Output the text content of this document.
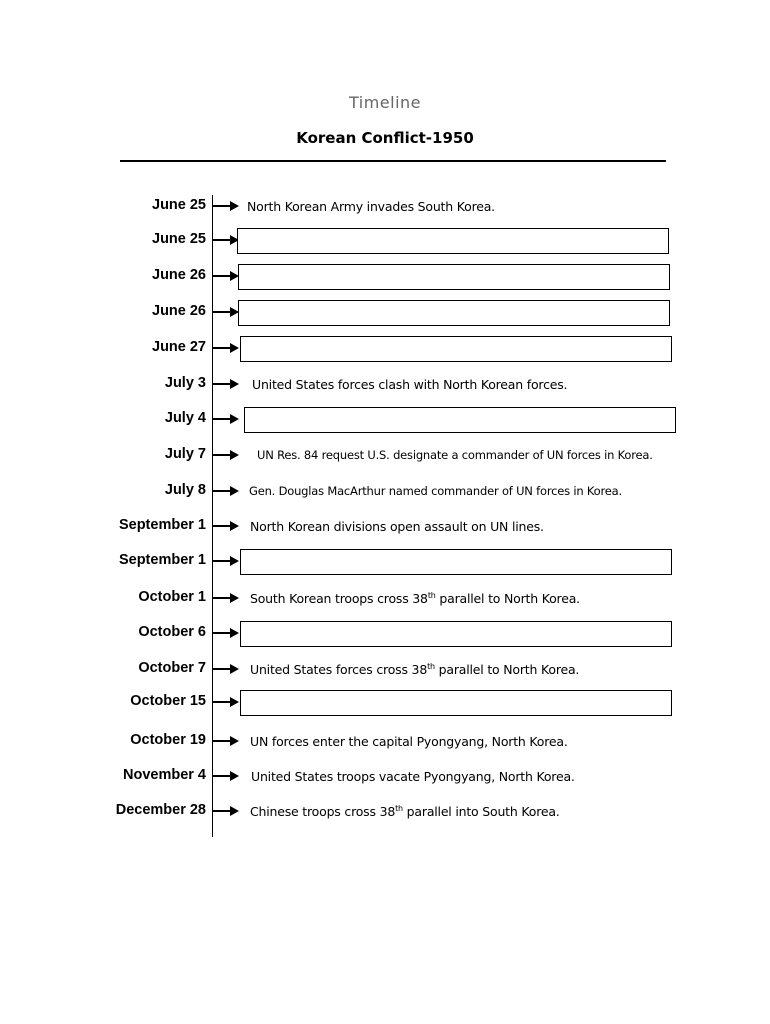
Timeline
Korean Conflict-1950
June 25	North Korean Army invades South Korea.
June 25
June 26
June 26
June 27
July 3	United States forces clash with North Korean forces.
July 4
July 7	UN Res. 84 request U.S. designate a commander of UN forces in Korea.
July 8	Gen. Douglas MacArthur named commander of UN forces in Korea.
September 1	North Korean divisions open assault on UN lines.
September 1
October 1	South Korean troops cross 38th parallel to North Korea.
October 6
October 7	United States forces cross 38th parallel to North Korea.
October 15
October 19	UN forces enter the capital Pyongyang, North Korea.
November 4	United States troops vacate Pyongyang, North Korea.
December 28	Chinese troops cross 38th parallel into South Korea.
